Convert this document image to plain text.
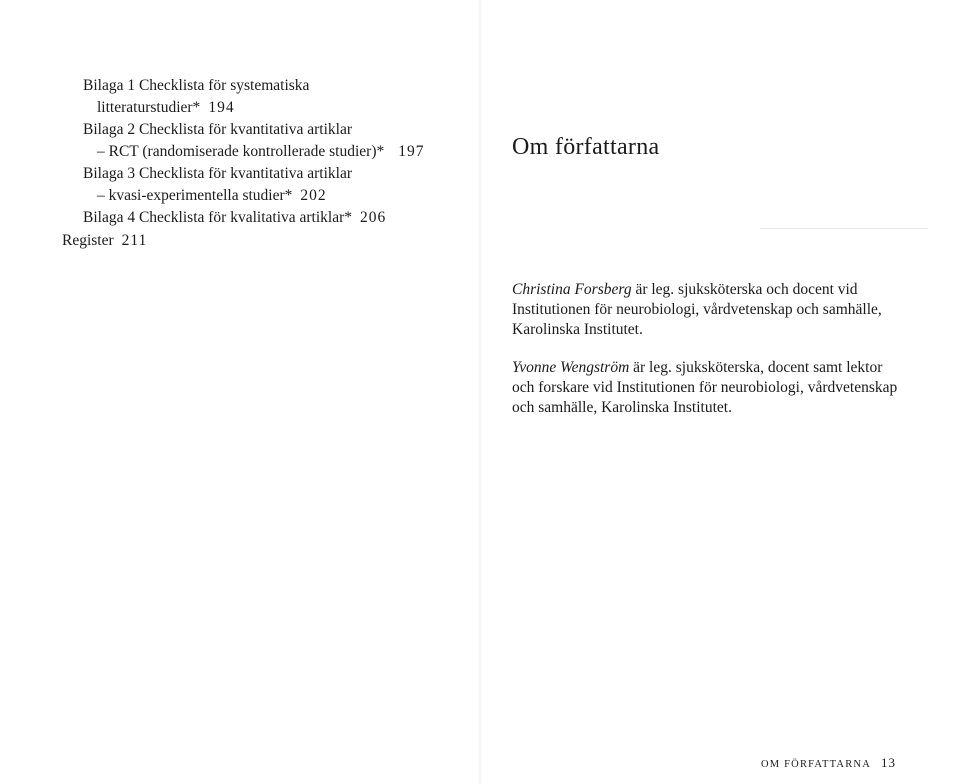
Bilaga 1 Checklista för systematiska
litteraturstudier* 194
Bilaga 2 Checklista för kvantitativa artiklar
– RCT (randomiserade kontrollerade studier)* 197
Bilaga 3 Checklista för kvantitativa artiklar
– kvasi-experimentella studier* 202
Bilaga 4 Checklista för kvalitativa artiklar* 206
Register 211
Om författarna

Christina Forsberg är leg. sjuksköterska och docent vid Institutionen för neurobiologi, vårdvetenskap och samhälle, Karolinska Institutet.

Yvonne Wengström är leg. sjuksköterska, docent samt lektor och forskare vid Institutionen för neurobiologi, vårdvetenskap och samhälle, Karolinska Institutet.

OM FÖRFATTARNA 13
